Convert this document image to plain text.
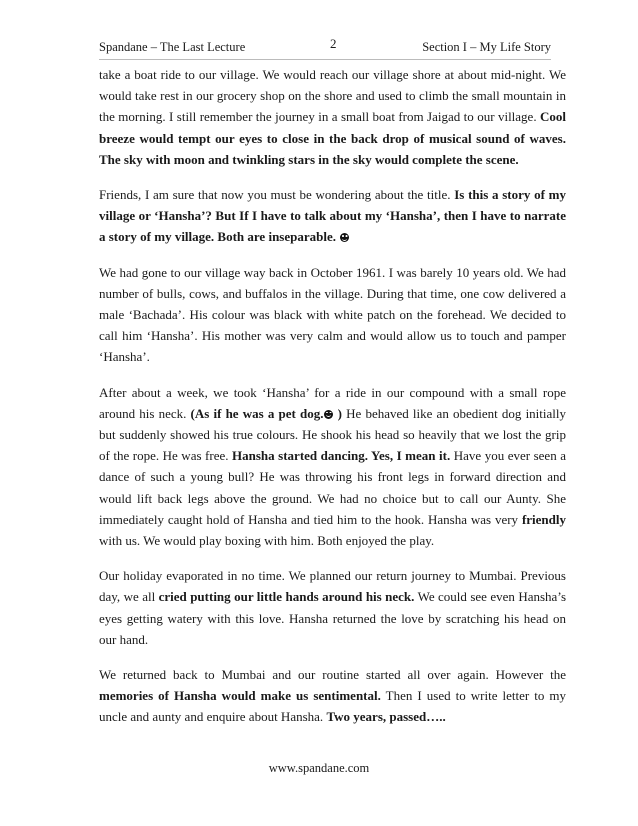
Spandane – The Last Lecture	2	Section I – My Life Story

take a boat ride to our village. We would reach our village shore at about mid-night. We would take rest in our grocery shop on the shore and used to climb the small mountain in the morning. I still remember the journey in a small boat from Jaigad to our village. Cool breeze would tempt our eyes to close in the back drop of musical sound of waves. The sky with moon and twinkling stars in the sky would complete the scene.

Friends, I am sure that now you must be wondering about the title. Is this a story of my village or ‘Hansha’? But If I have to talk about my ‘Hansha’, then I have to narrate a story of my village. Both are inseparable.

We had gone to our village way back in October 1961. I was barely 10 years old. We had number of bulls, cows, and buffalos in the village. During that time, one cow delivered a male ‘Bachada’. His colour was black with white patch on the forehead. We decided to call him ‘Hansha’. His mother was very calm and would allow us to touch and pamper ‘Hansha’.

After about a week, we took ‘Hansha’ for a ride in our compound with a small rope around his neck. (As if he was a pet dog. ) He behaved like an obedient dog initially but suddenly showed his true colours. He shook his head so heavily that we lost the grip of the rope. He was free. Hansha started dancing. Yes, I mean it. Have you ever seen a dance of such a young bull? He was throwing his front legs in forward direction and would lift back legs above the ground. We had no choice but to call our Aunty. She immediately caught hold of Hansha and tied him to the hook. Hansha was very friendly with us. We would play boxing with him. Both enjoyed the play.

Our holiday evaporated in no time. We planned our return journey to Mumbai. Previous day, we all cried putting our little hands around his neck. We could see even Hansha’s eyes getting watery with this love. Hansha returned the love by scratching his head on our hand.

We returned back to Mumbai and our routine started all over again. However the memories of Hansha would make us sentimental. Then I used to write letter to my uncle and aunty and enquire about Hansha. Two years, passed…..

www.spandane.com
